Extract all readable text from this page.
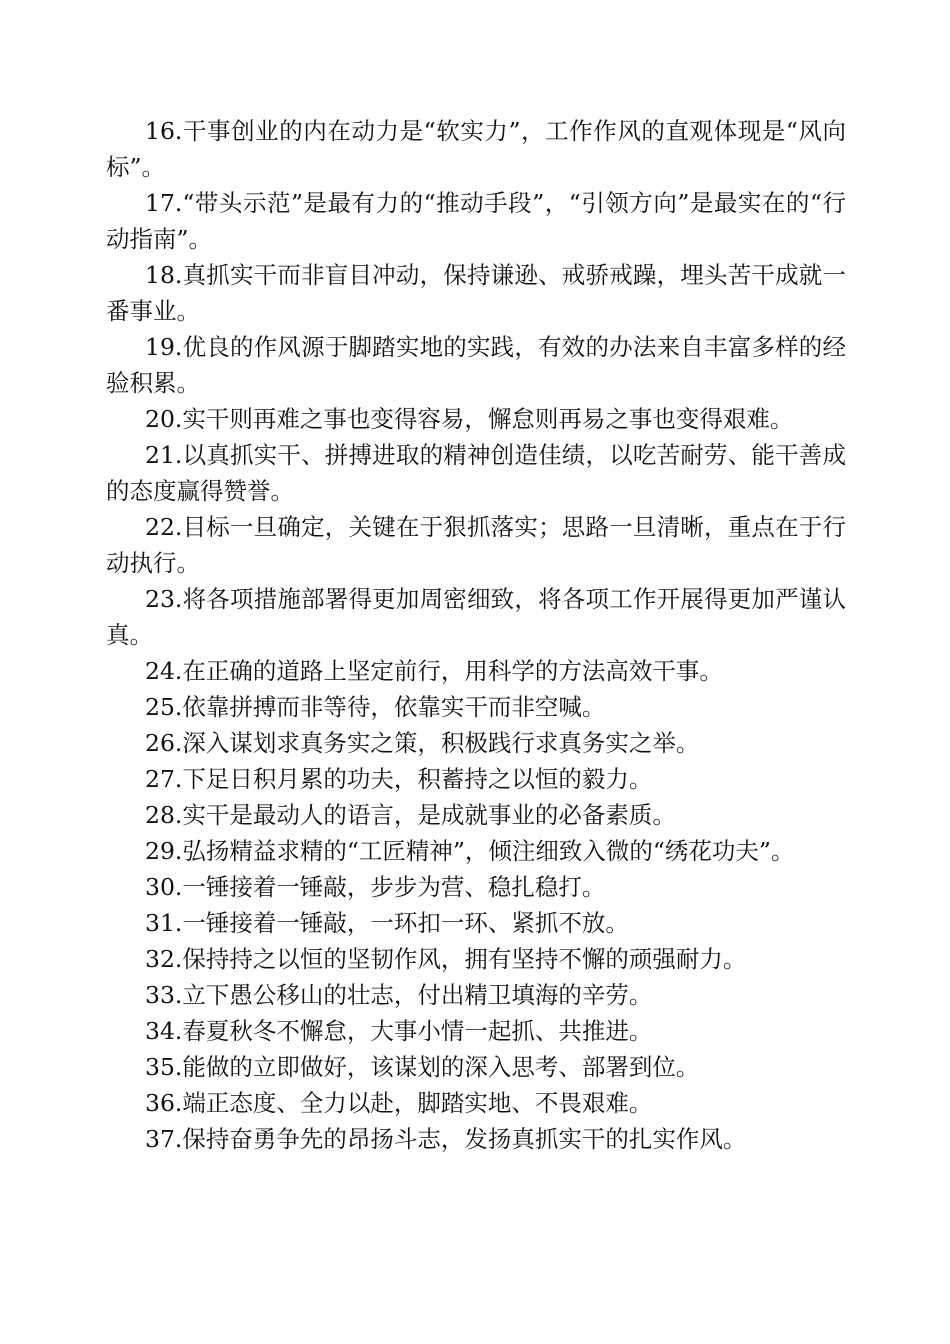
16.干事创业的内在动力是“软实力”，工作作风的直观体现是“风向标”。

17.“带头示范”是最有力的“推动手段”，“引领方向”是最实在的“行动指南”。

18.真抓实干而非盲目冲动，保持谦逊、戒骄戒躁，埋头苦干成就一番事业。

19.优良的作风源于脚踏实地的实践，有效的办法来自丰富多样的经验积累。

20.实干则再难之事也变得容易，懈怠则再易之事也变得艰难。

21.以真抓实干、拼搏进取的精神创造佳绩，以吃苦耐劳、能干善成的态度赢得赞誉。

22.目标一旦确定，关键在于狠抓落实；思路一旦清晰，重点在于行动执行。

23.将各项措施部署得更加周密细致，将各项工作开展得更加严谨认真。

24.在正确的道路上坚定前行，用科学的方法高效干事。

25.依靠拼搏而非等待，依靠实干而非空喊。

26.深入谋划求真务实之策，积极践行求真务实之举。

27.下足日积月累的功夫，积蓄持之以恒的毅力。

28.实干是最动人的语言，是成就事业的必备素质。

29.弘扬精益求精的“工匠精神”，倾注细致入微的“绣花功夫”。

30.一锤接着一锤敲，步步为营、稳扎稳打。

31.一锤接着一锤敲，一环扣一环、紧抓不放。

32.保持持之以恒的坚韧作风，拥有坚持不懈的顽强耐力。

33.立下愚公移山的壮志，付出精卫填海的辛劳。

34.春夏秋冬不懈怠，大事小情一起抓、共推进。

35.能做的立即做好，该谋划的深入思考、部署到位。

36.端正态度、全力以赴，脚踏实地、不畏艰难。

37.保持奋勇争先的昂扬斗志，发扬真抓实干的扎实作风。
